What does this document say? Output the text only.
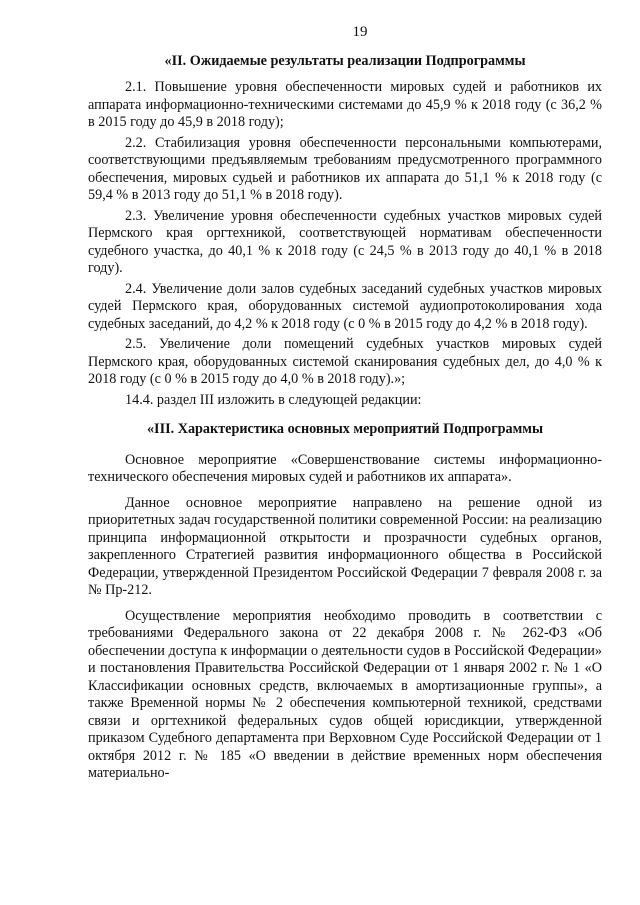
19
«II. Ожидаемые результаты реализации Подпрограммы

2.1. Повышение уровня обеспеченности мировых судей и работников их аппарата информационно-техническими системами до 45,9 % к 2018 году (с 36,2 % в 2015 году до 45,9 в 2018 году);

2.2. Стабилизация уровня обеспеченности персональными компьютерами, соответствующими предъявляемым требованиям предусмотренного программного обеспечения, мировых судьей и работников их аппарата до 51,1 % к 2018 году (с 59,4 % в 2013 году до 51,1 % в 2018 году).

2.3. Увеличение уровня обеспеченности судебных участков мировых судей Пермского края оргтехникой, соответствующей нормативам обеспеченности судебного участка, до 40,1 % к 2018 году (с 24,5 % в 2013 году до 40,1 % в 2018 году).

2.4. Увеличение доли залов судебных заседаний судебных участков мировых судей Пермского края, оборудованных системой аудиопротоколирования хода судебных заседаний, до 4,2 % к 2018 году (с 0 % в 2015 году до 4,2 % в 2018 году).

2.5. Увеличение доли помещений судебных участков мировых судей Пермского края, оборудованных системой сканирования судебных дел, до 4,0 % к 2018 году (с 0 % в 2015 году до 4,0 % в 2018 году).»;

14.4. раздел III изложить в следующей редакции:

«III. Характеристика основных мероприятий Подпрограммы

Основное мероприятие «Совершенствование системы информационно-технического обеспечения мировых судей и работников их аппарата».

Данное основное мероприятие направлено на решение одной из приоритетных задач государственной политики современной России: на реализацию принципа информационной открытости и прозрачности судебных органов, закрепленного Стратегией развития информационного общества в Российской Федерации, утвержденной Президентом Российской Федерации 7 февраля 2008 г. за № Пр-212.

Осуществление мероприятия необходимо проводить в соответствии с требованиями Федерального закона от 22 декабря 2008 г. № 262-ФЗ «Об обеспечении доступа к информации о деятельности судов в Российской Федерации» и постановления Правительства Российской Федерации от 1 января 2002 г. № 1 «О Классификации основных средств, включаемых в амортизационные группы», а также Временной нормы № 2 обеспечения компьютерной техникой, средствами связи и оргтехникой федеральных судов общей юрисдикции, утвержденной приказом Судебного департамента при Верховном Суде Российской Федерации от 1 октября 2012 г. № 185 «О введении в действие временных норм обеспечения материально-
